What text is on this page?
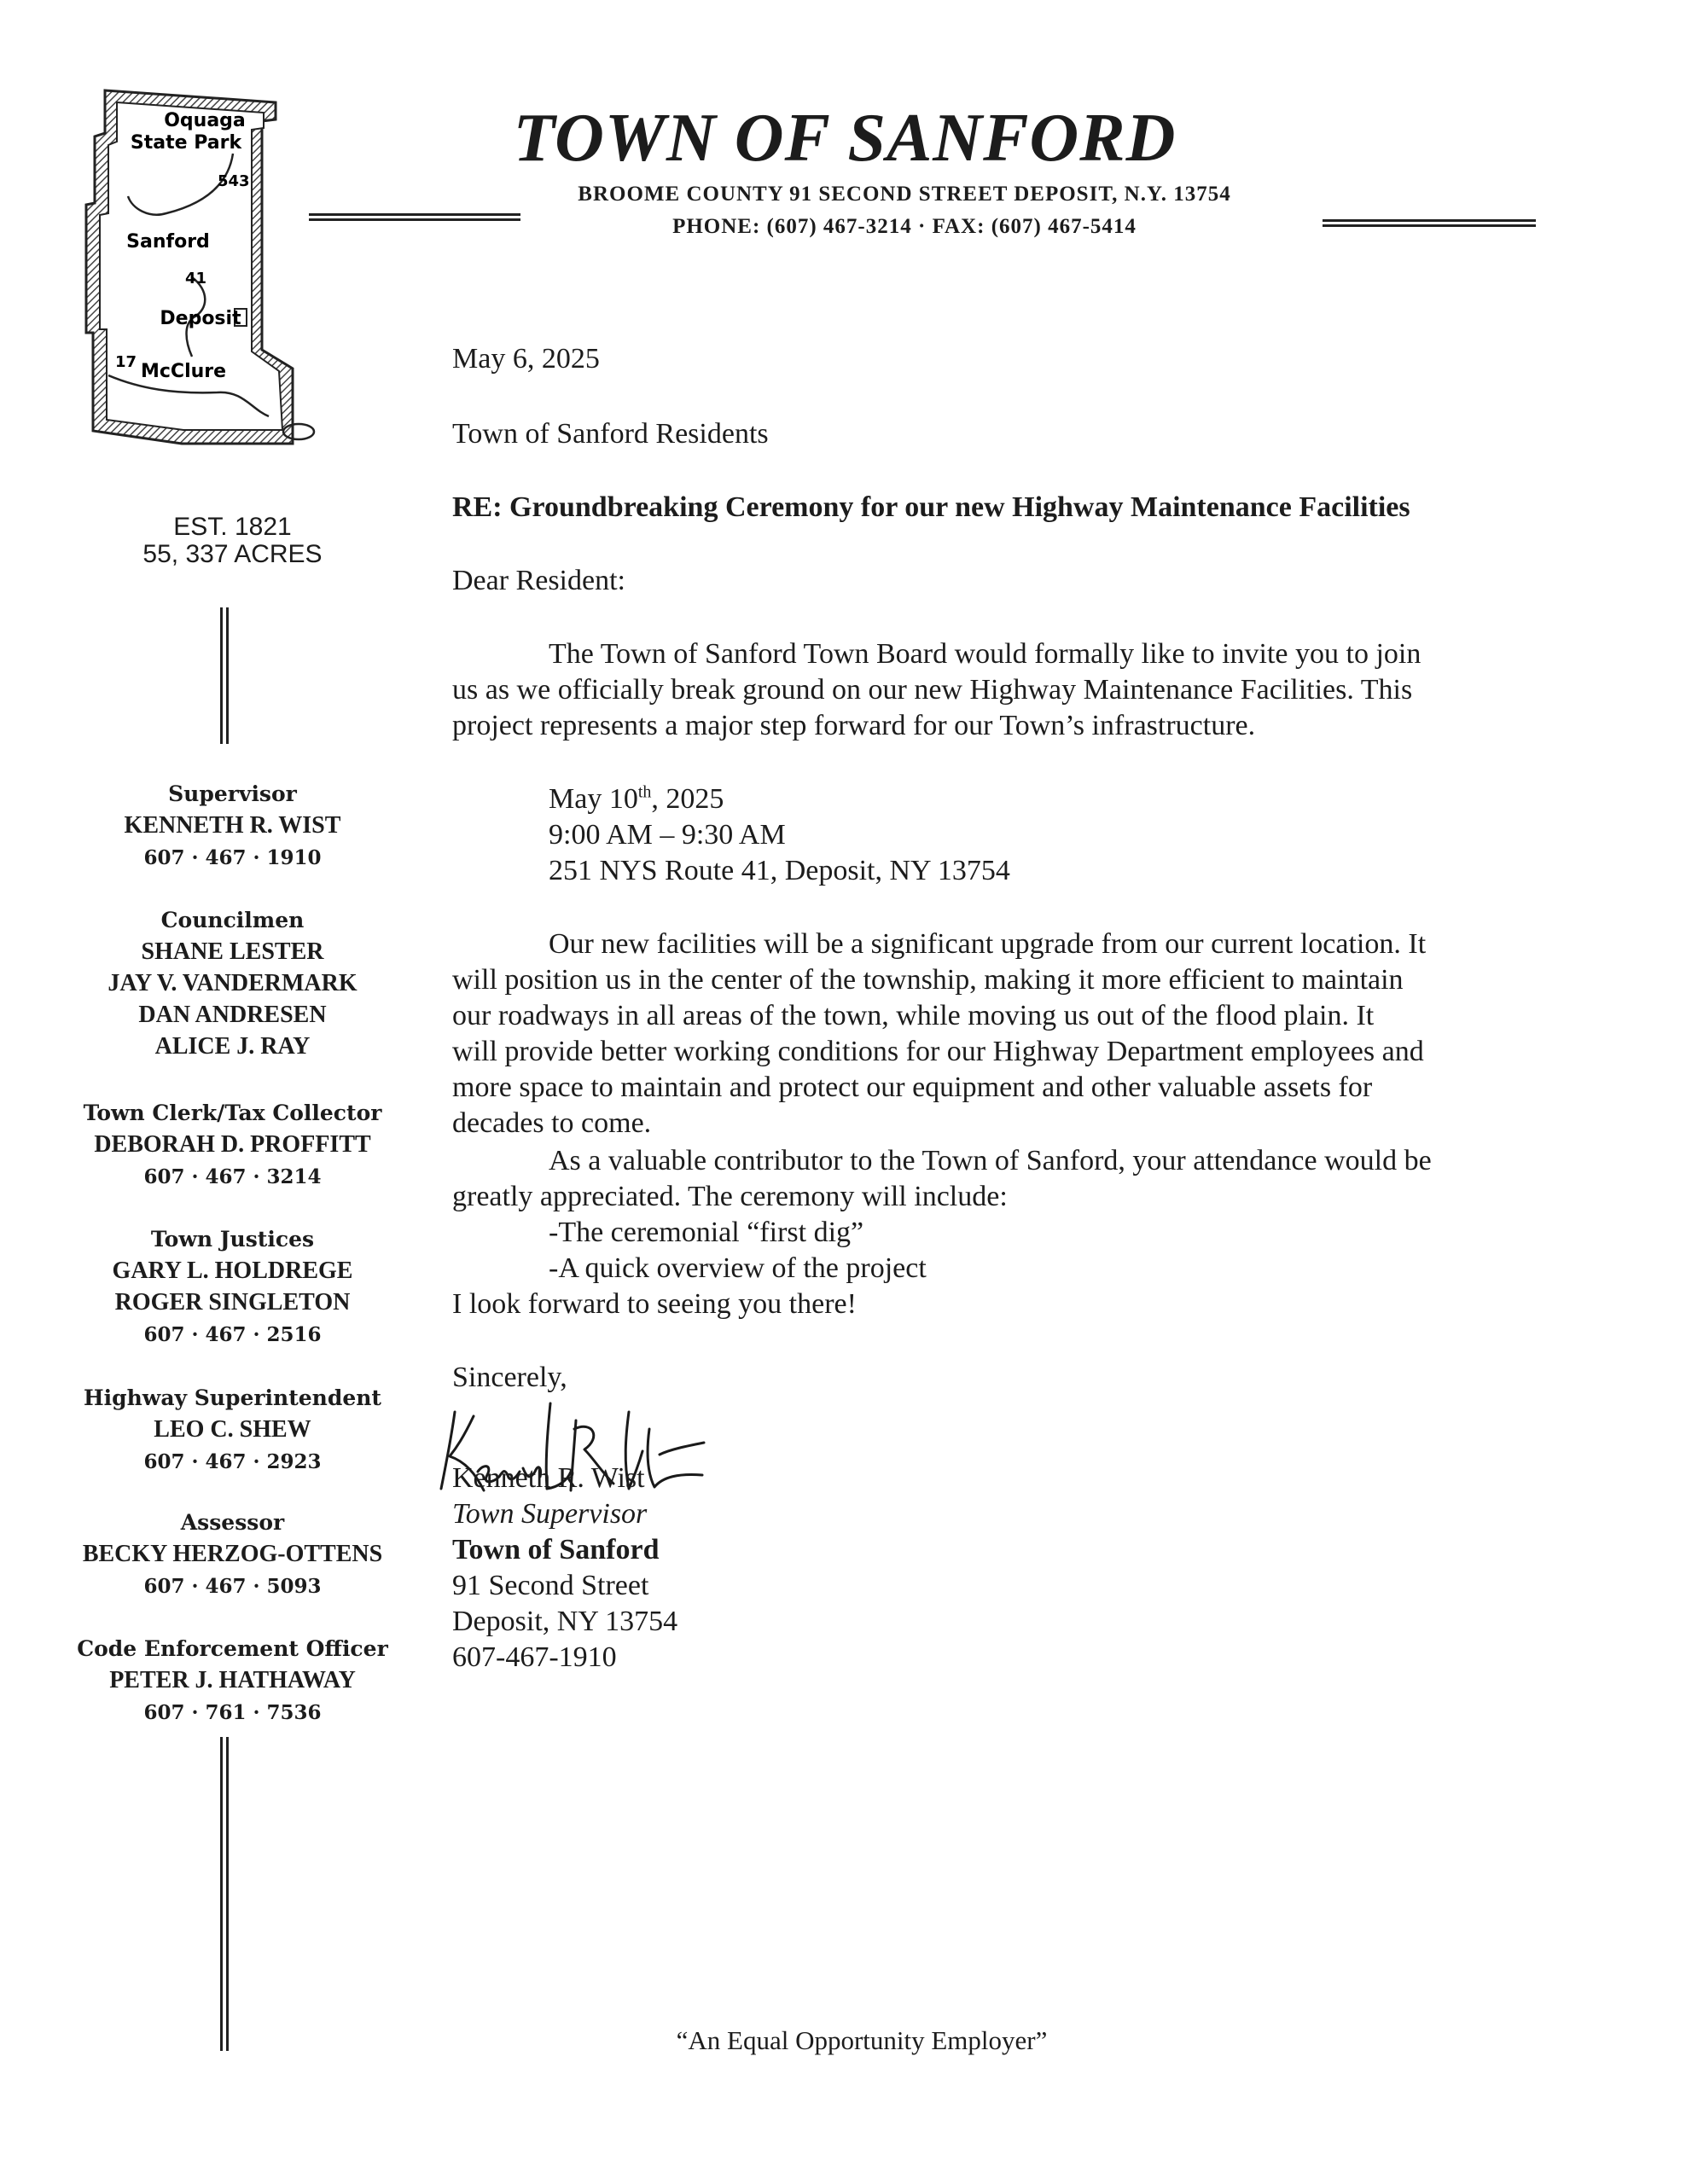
Oquaga
State Park
543
Sanford
41
Deposit
17 McClure
TOWN OF SANFORD
BROOME COUNTY 91 SECOND STREET DEPOSIT, N.Y. 13754
PHONE: (607) 467-3214 · FAX: (607) 467-5414
EST. 1821
55, 337 ACRES
Supervisor
KENNETH R. WIST
607 · 467 · 1910
Councilmen
SHANE LESTER
JAY V. VANDERMARK
DAN ANDRESEN
ALICE J. RAY
Town Clerk/Tax Collector
DEBORAH D. PROFFITT
607 · 467 · 3214
Town Justices
GARY L. HOLDREGE
ROGER SINGLETON
607 · 467 · 2516
Highway Superintendent
LEO C. SHEW
607 · 467 · 2923
Assessor
BECKY HERZOG-OTTENS
607 · 467 · 5093
Code Enforcement Officer
PETER J. HATHAWAY
607 · 761 · 7536
May 6, 2025
Town of Sanford Residents
RE: Groundbreaking Ceremony for our new Highway Maintenance Facilities
Dear Resident:
The Town of Sanford Town Board would formally like to invite you to join
us as we officially break ground on our new Highway Maintenance Facilities. This
project represents a major step forward for our Town’s infrastructure.
May 10th, 2025
9:00 AM – 9:30 AM
251 NYS Route 41, Deposit, NY 13754
Our new facilities will be a significant upgrade from our current location. It
will position us in the center of the township, making it more efficient to maintain
our roadways in all areas of the town, while moving us out of the flood plain. It
will provide better working conditions for our Highway Department employees and
more space to maintain and protect our equipment and other valuable assets for
decades to come.
As a valuable contributor to the Town of Sanford, your attendance would be
greatly appreciated. The ceremony will include:
-The ceremonial “first dig”
-A quick overview of the project
I look forward to seeing you there!
Sincerely,
Kenneth R. Wist
Town Supervisor
Town of Sanford
91 Second Street
Deposit, NY 13754
607-467-1910
“An Equal Opportunity Employer”
